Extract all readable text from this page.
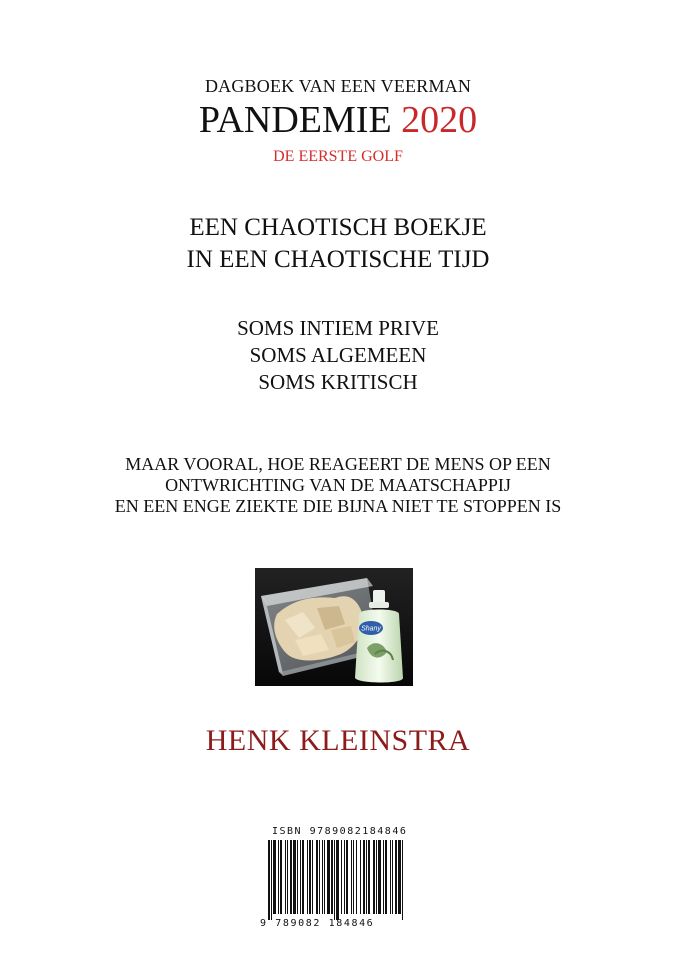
DAGBOEK VAN EEN VEERMAN
PANDEMIE 2020
DE EERSTE GOLF
EEN CHAOTISCH BOEKJE
IN EEN CHAOTISCHE TIJD
SOMS INTIEM PRIVE
SOMS ALGEMEEN
SOMS KRITISCH
MAAR VOORAL, HOE REAGEERT DE MENS OP EEN
ONTWRICHTING VAN DE MAATSCHAPPIJ
EN EEN ENGE ZIEKTE DIE BIJNA NIET TE STOPPEN IS
Shany
HENK KLEINSTRA
ISBN 9789082184846
9 789082 184846
